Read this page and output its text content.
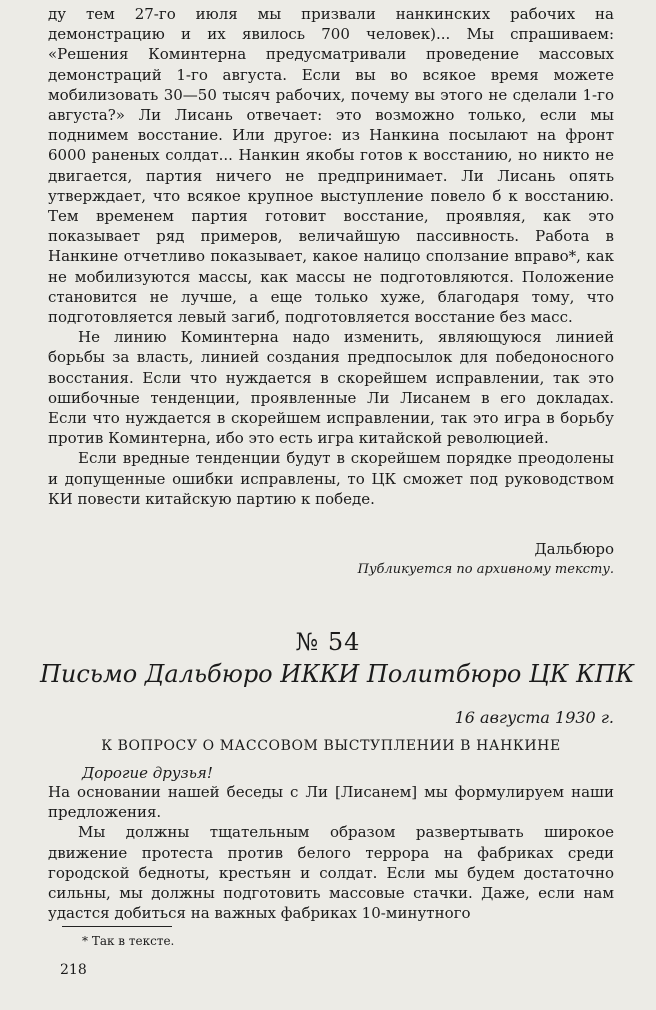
ду тем 27-го июля мы призвали нанкинских рабочих на демонстрацию и их явилось 700 человек)... Мы спрашиваем: «Решения Коминтерна предусматривали проведение массовых демонстраций 1-го августа. Если вы во всякое время можете мобилизовать 30—50 тысяч рабочих, почему вы этого не сделали 1-го августа?» Ли Лисань отвечает: это возможно только, если мы поднимем восстание. Или другое: из Нанкина посылают на фронт 6000 раненых солдат... Нанкин якобы готов к восстанию, но никто не двигается, партия ничего не предпринимает. Ли Лисань опять утверждает, что всякое крупное выступление повело б к восстанию. Тем временем партия готовит восстание, проявляя, как это показывает ряд примеров, величайшую пассивность. Работа в Нанкине отчетливо показывает, какое налицо сползание вправо*, как не мобилизуются массы, как массы не подготовляются. Положение становится не лучше, а еще только хуже, благодаря тому, что подготовляется левый загиб, подготовляется восстание без масс.

Не линию Коминтерна надо изменить, являющуюся линией борьбы за власть, линией создания предпосылок для победоносного восстания. Если что нуждается в скорейшем исправлении, так это ошибочные тенденции, проявленные Ли Лисанем в его докладах. Если что нуждается в скорейшем исправлении, так это игра в борьбу против Коминтерна, ибо это есть игра китайской революцией.

Если вредные тенденции будут в скорейшем порядке преодолены и допущенные ошибки исправлены, то ЦК сможет под руководством КИ повести китайскую партию к победе.

Дальбюро
Публикуется по архивному тексту.
№ 54
Письмо Дальбюро ИККИ Политбюро ЦК КПК
16 августа 1930 г.
К ВОПРОСУ О МАССОВОМ ВЫСТУПЛЕНИИ В НАНКИНЕ
Дорогие друзья!

На основании нашей беседы с Ли [Лисанем] мы формулируем наши предложения.

Мы должны тщательным образом развертывать широкое движение протеста против белого террора на фабриках среди городской бедноты, крестьян и солдат. Если мы будем достаточно сильны, мы должны подготовить массовые стачки. Даже, если нам удастся добиться на важных фабриках 10-минутного

* Так в тексте.
218
